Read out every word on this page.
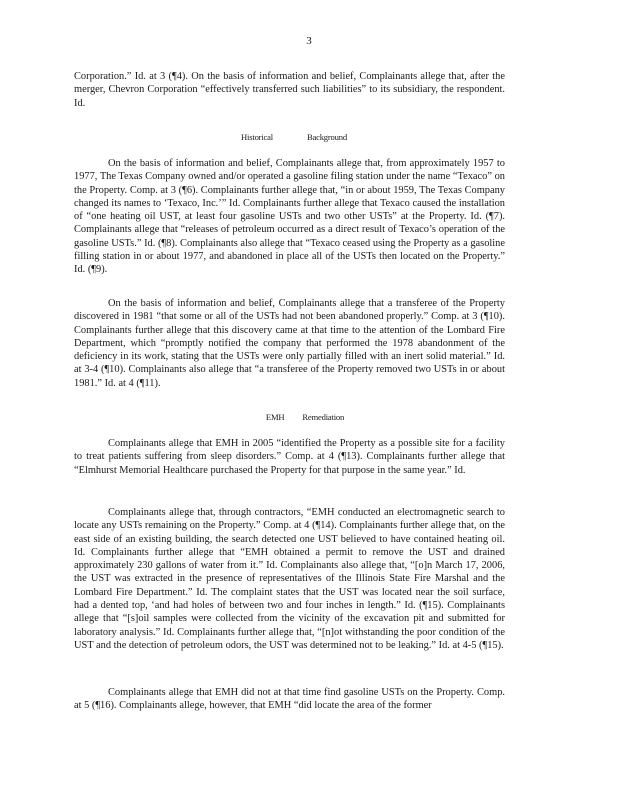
3
Corporation.” Id. at 3 (¶4). On the basis of information and belief, Complainants allege that, after the merger, Chevron Corporation “effectively transferred such liabilities” to its subsidiary, the respondent. Id.
Historical	Background
On the basis of information and belief, Complainants allege that, from approximately 1957 to 1977, The Texas Company owned and/or operated a gasoline filing station under the name “Texaco” on the Property. Comp. at 3 (¶6). Complainants further allege that, “in or about 1959, The Texas Company changed its names to ‘Texaco, Inc.’” Id. Complainants further allege that Texaco caused the installation of “one heating oil UST, at least four gasoline USTs and two other USTs” at the Property. Id. (¶7). Complainants allege that “releases of petroleum occurred as a direct result of Texaco’s operation of the gasoline USTs.” Id. (¶8). Complainants also allege that “Texaco ceased using the Property as a gasoline filling station in or about 1977, and abandoned in place all of the USTs then located on the Property.” Id. (¶9).
On the basis of information and belief, Complainants allege that a transferee of the Property discovered in 1981 “that some or all of the USTs had not been abandoned properly.” Comp. at 3 (¶10). Complainants further allege that this discovery came at that time to the attention of the Lombard Fire Department, which “promptly notified the company that performed the 1978 abandonment of the deficiency in its work, stating that the USTs were only partially filled with an inert solid material.” Id. at 3-4 (¶10). Complainants also allege that “a transferee of the Property removed two USTs in or about 1981.” Id. at 4 (¶11).
EMH Remediation
Complainants allege that EMH in 2005 “identified the Property as a possible site for a facility to treat patients suffering from sleep disorders.” Comp. at 4 (¶13). Complainants further allege that “Elmhurst Memorial Healthcare purchased the Property for that purpose in the same year.” Id.
Complainants allege that, through contractors, “EMH conducted an electromagnetic search to locate any USTs remaining on the Property.” Comp. at 4 (¶14). Complainants further allege that, on the east side of an existing building, the search detected one UST believed to have contained heating oil. Id. Complainants further allege that “EMH obtained a permit to remove the UST and drained approximately 230 gallons of water from it.” Id. Complainants also allege that, “[o]n March 17, 2006, the UST was extracted in the presence of representatives of the Illinois State Fire Marshal and the Lombard Fire Department.” Id. The complaint states that the UST was located near the soil surface, had a dented top, ‘and had holes of between two and four inches in length.” Id. (¶15). Complainants allege that “[s]oil samples were collected from the vicinity of the excavation pit and submitted for laboratory analysis.” Id. Complainants further allege that, “[n]ot withstanding the poor condition of the UST and the detection of petroleum odors, the UST was determined not to be leaking.” Id. at 4-5 (¶15).
Complainants allege that EMH did not at that time find gasoline USTs on the Property. Comp. at 5 (¶16). Complainants allege, however, that EMH “did locate the area of the former
